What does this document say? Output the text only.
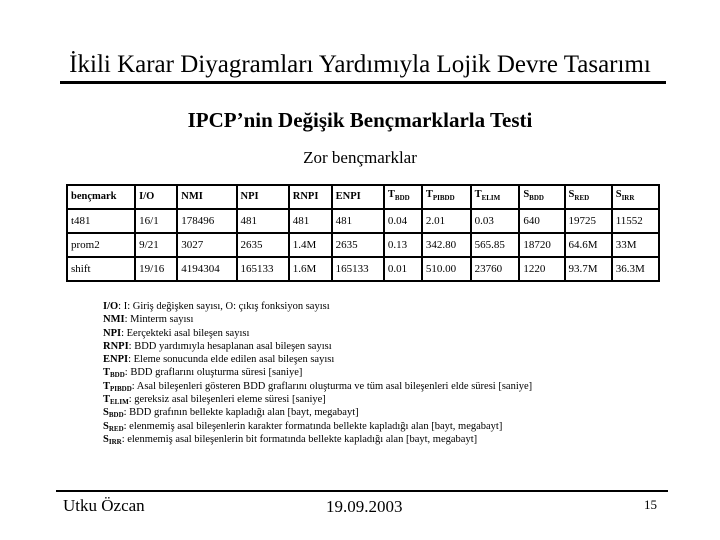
İkili Karar Diyagramları Yardımıyla Lojik Devre Tasarımı
IPCP’nin Değişik Bençmarklarla Testi
Zor bençmarklar
bençmark	I/O	NMI	NPI	RNPI	ENPI	$T_{BDD}$	$T_{PIBDD}$	$T_{ELIM}$	$S_{BDD}$	$S_{RED}$	$S_{IRR}$
t481	16/1	178496	481	481	481	0.04	2.01	0.03	640	19725	11552
prom2	9/21	3027	2635	1.4M	2635	0.13	342.80	565.85	18720	64.6M	33M
shift	19/16	4194304	165133	1.6M	165133	0.01	510.00	23760	1220	93.7M	36.3M
I/O: I: Giriş değişken sayısı, O: çıkış fonksiyon sayısı
NMI: Minterm sayısı
NPI: Eerçekteki asal bileşen sayısı
RNPI: BDD yardımıyla hesaplanan asal bileşen sayısı
ENPI: Eleme sonucunda elde edilen asal bileşen sayısı
$T_{BDD}$: BDD graflarını oluşturma süresi [saniye]
$T_{PIBDD}$: Asal bileşenleri gösteren BDD graflarını oluşturma ve tüm asal bileşenleri elde süresi [saniye]
$T_{ELIM}$: gereksiz asal bileşenleri eleme süresi [saniye]
$S_{BDD}$: BDD grafının bellekte kapladığı alan [bayt, megabayt]
$S_{RED}$: elenmemiş asal bileşenlerin karakter formatında bellekte kapladığı alan [bayt, megabayt]
$S_{IRR}$: elenmemiş asal bileşenlerin bit formatında bellekte kapladığı alan [bayt, megabayt]
Utku Özcan	19.09.2003	15
